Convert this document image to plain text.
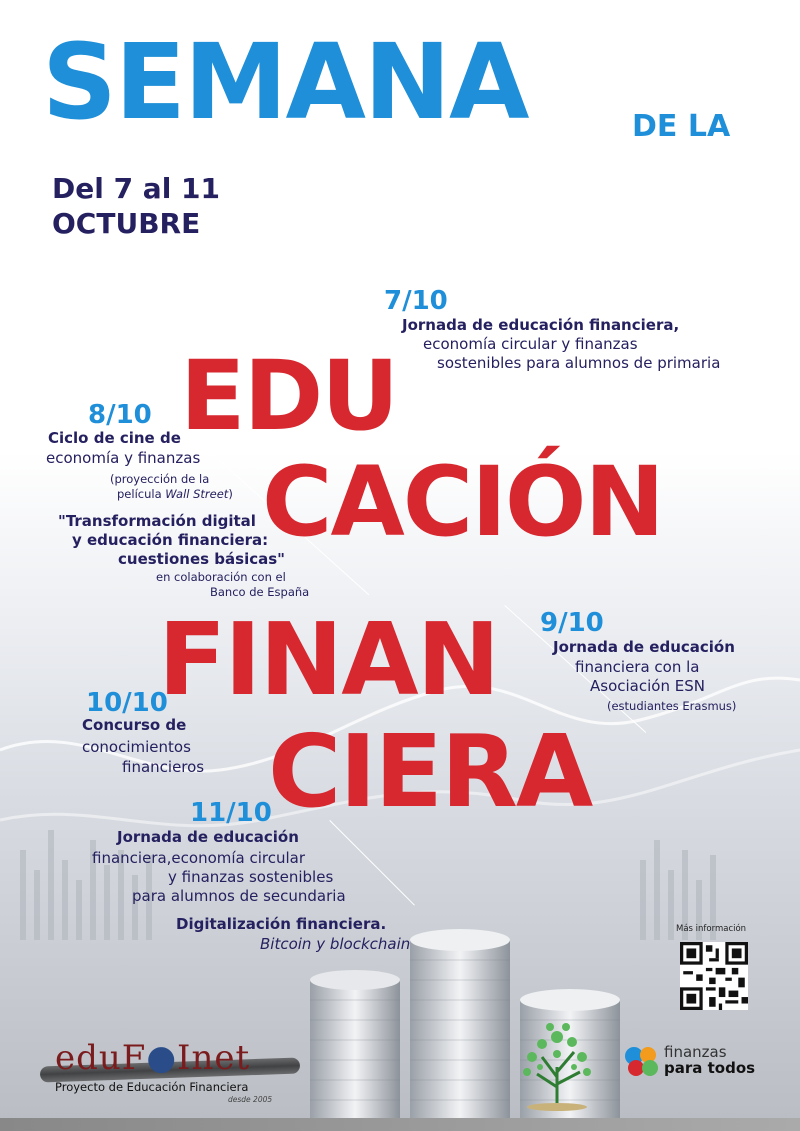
SEMANA	DE LA
Del 7 al 11
OCTUBRE
EDU
CACIÓN
FINAN
CIERA
7/10
Jornada de educación financiera,
economía circular y finanzas
sostenibles para alumnos de primaria
8/10
Ciclo de cine de
economía y finanzas
(proyección de la
película Wall Street)
"Transformación digital
y educación financiera:
cuestiones básicas"
en colaboración con el
Banco de España
9/10
Jornada de educación
financiera con la
Asociación ESN
(estudiantes Erasmus)
10/10
Concurso de
conocimientos
financieros
11/10
Jornada de educación
financiera,economía circular
y finanzas sostenibles
para alumnos de secundaria
Digitalización financiera.
Bitcoin y blockchain
Más información
eduF●Inet
Proyecto de Educación Financiera
desde 2005
finanzas
para todos
